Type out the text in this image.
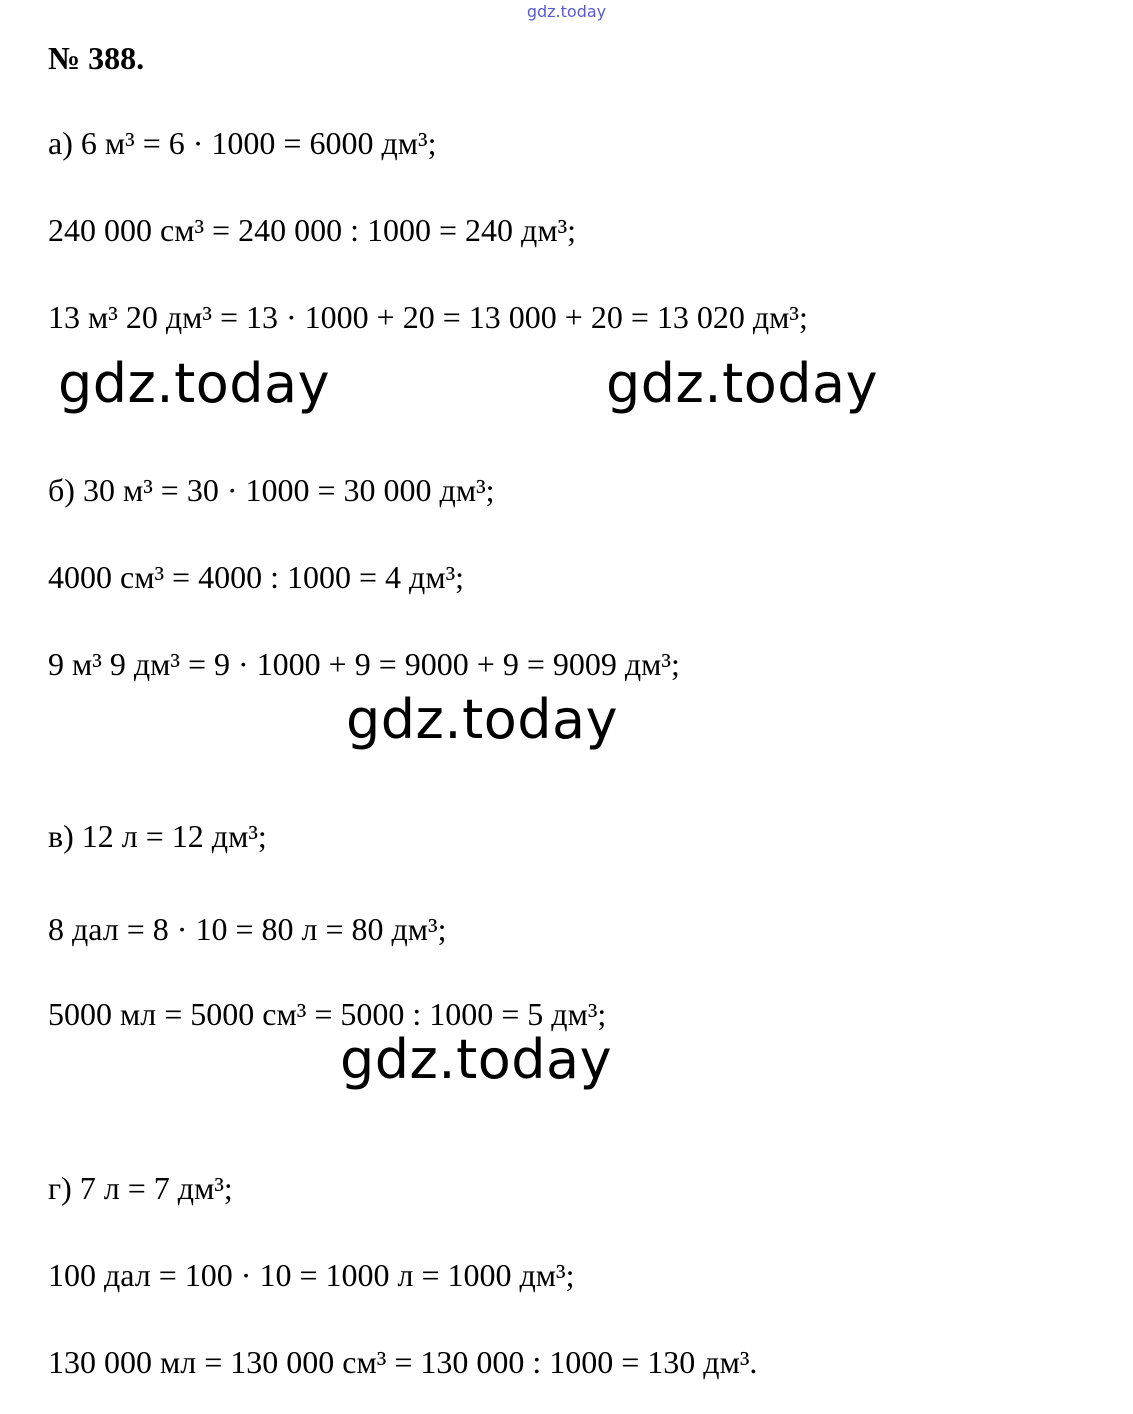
gdz.today
№ 388.
а) 6 м³ = 6 · 1000 = 6000 дм³;
240 000 см³ = 240 000 : 1000 = 240 дм³;
13 м³ 20 дм³ = 13 · 1000 + 20 = 13 000 + 20 = 13 020 дм³;
gdz.today	gdz.today
б) 30 м³ = 30 · 1000 = 30 000 дм³;
4000 см³ = 4000 : 1000 = 4 дм³;
9 м³ 9 дм³ = 9 · 1000 + 9 = 9000 + 9 = 9009 дм³;
gdz.today
в) 12 л = 12 дм³;
8 дал = 8 · 10 = 80 л = 80 дм³;
5000 мл = 5000 см³ = 5000 : 1000 = 5 дм³;
gdz.today
г) 7 л = 7 дм³;
100 дал = 100 · 10 = 1000 л = 1000 дм³;
130 000 мл = 130 000 см³ = 130 000 : 1000 = 130 дм³.
